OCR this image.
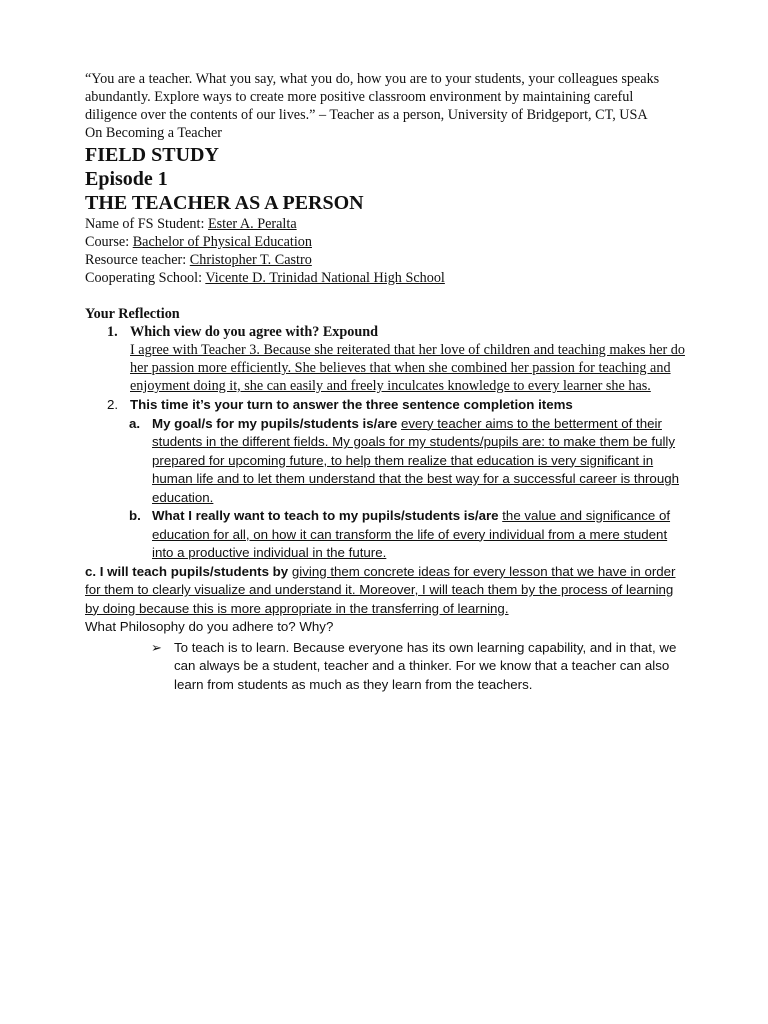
“You are a teacher. What you say, what you do, how you are to your students, your colleagues speaks abundantly. Explore ways to create more positive classroom environment by maintaining careful diligence over the contents of our lives.” – Teacher as a person, University of Bridgeport, CT, USA

On Becoming a Teacher

FIELD STUDY

Episode 1

THE TEACHER AS A PERSON

Name of FS Student: Ester A. Peralta

Course: Bachelor of Physical Education

Resource teacher: Christopher T. Castro

Cooperating School: Vicente D. Trinidad National High School

Your Reflection

1. Which view do you agree with? Expound
I agree with Teacher 3. Because she reiterated that her love of children and teaching makes her do her passion more efficiently. She believes that when she combined her passion for teaching and enjoyment doing it, she can easily and freely inculcates knowledge to every learner she has.
2. This time it’s your turn to answer the three sentence completion items
a. My goal/s for my pupils/students is/are every teacher aims to the betterment of their students in the different fields. My goals for my students/pupils are: to make them be fully prepared for upcoming future, to help them realize that education is very significant in human life and to let them understand that the best way for a successful career is through education.
b. What I really want to teach to my pupils/students is/are the value and significance of education for all, on how it can transform the life of every individual from a mere student into a productive individual in the future.

c. I will teach pupils/students by giving them concrete ideas for every lesson that we have in order for them to clearly visualize and understand it. Moreover, I will teach them by the process of learning by doing because this is more appropriate in the transferring of learning.

What Philosophy do you adhere to? Why?

➢ To teach is to learn. Because everyone has its own learning capability, and in that, we can always be a student, teacher and a thinker. For we know that a teacher can also learn from students as much as they learn from the teachers.
